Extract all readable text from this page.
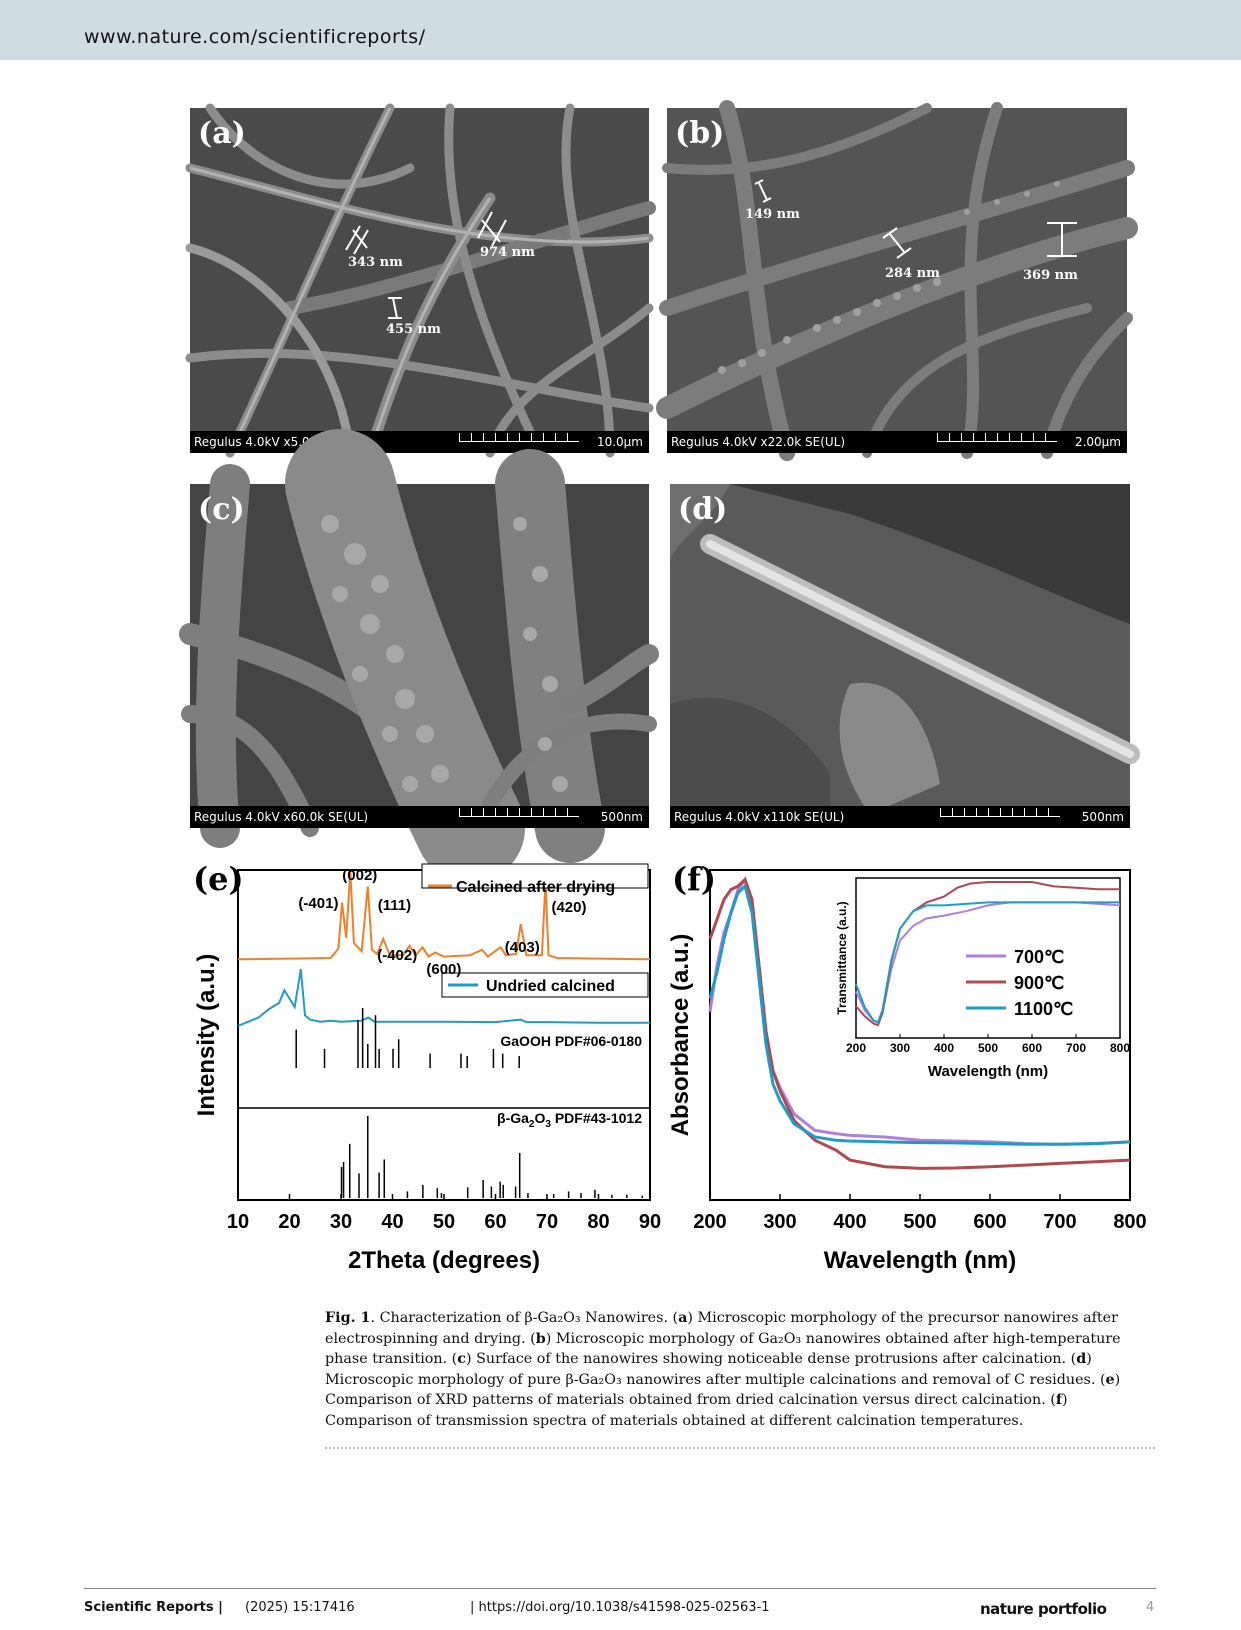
www.nature.com/scientificreports/
(a)
343 nm
974 nm
455 nm
Regulus 4.0kV x5.00k SE(UL)	10.0µm
(b)
149 nm
284 nm	369 nm
Regulus 4.0kV x22.0k SE(UL)	2.00µm
(c)
Regulus 4.0kV x60.0k SE(UL)	500nm
(d)
Regulus 4.0kV x110k SE(UL)	500nm
(e)
10 20 30 40 50 60 70 80 90
2Theta (degrees)
Intensity (a.u.)
Calcined after drying
Undried calcined
(002)
(-401)	(111)
(-402)
(600)
(403)
(420)
GaOOH PDF#06-0180
$\beta-Ga_2O_3$ PDF#43-1012
(f)
200 300 400 500 600 700 800
Wavelength (nm)
Absorbance (a.u.)	200 300 400 500 600 700 800
Wavelength (nm)
Transmittance (a.u.)	700℃
900℃
1100℃
Fig. 1. Characterization of β-Ga₂O₃ Nanowires. (a) Microscopic morphology of the precursor nanowires after electrospinning and drying. (b) Microscopic morphology of Ga₂O₃ nanowires obtained after high-temperature phase transition. (c) Surface of the nanowires showing noticeable dense protrusions after calcination. (d) Microscopic morphology of pure β-Ga₂O₃ nanowires after multiple calcinations and removal of C residues. (e) Comparison of XRD patterns of materials obtained from dried calcination versus direct calcination. (f) Comparison of transmission spectra of materials obtained at different calcination temperatures.
Scientific Reports | (2025) 15:17416	| https://doi.org/10.1038/s41598-025-02563-1	nature portfolio	4
